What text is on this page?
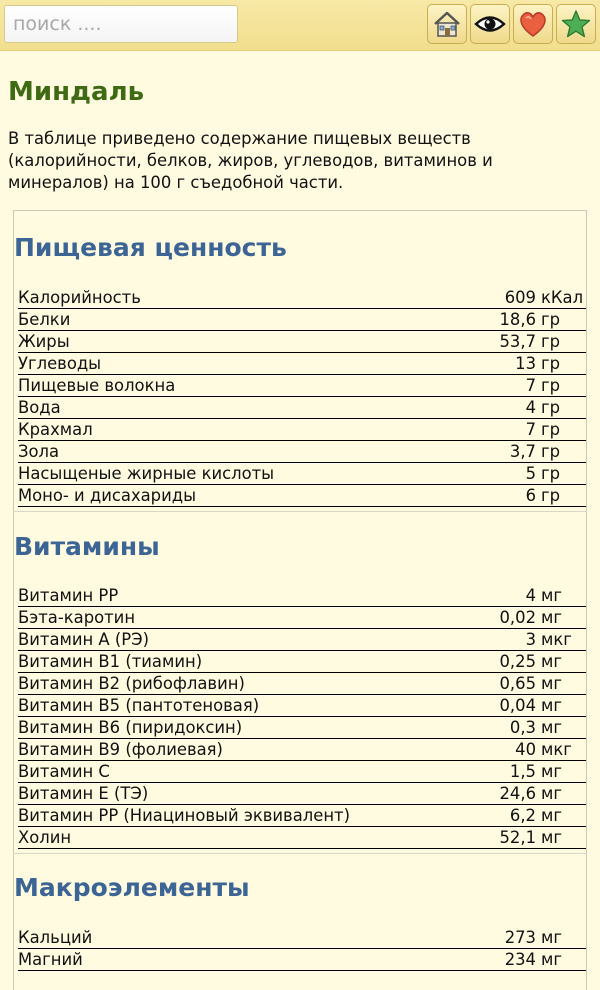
поиск ....
Миндаль

В таблице приведено содержание пищевых веществ (калорийности, белков, жиров, углеводов, витаминов и минералов) на 100 г съедобной части.

Пищевая ценность
Калорийность	609 кКал
Белки	18,6 гр
Жиры	53,7 гр
Углеводы	13 гр
Пищевые волокна	7 гр
Вода	4 гр
Крахмал	7 гр
Зола	3,7 гр
Насыщеные жирные кислоты	5 гр
Моно- и дисахариды	6 гр
Витамины
Витамин РР	4 мг
Бэта-каротин	0,02 мг
Витамин А (РЭ)	3 мкг
Витамин В1 (тиамин)	0,25 мг
Витамин В2 (рибофлавин)	0,65 мг
Витамин В5 (пантотеновая)	0,04 мг
Витамин В6 (пиридоксин)	0,3 мг
Витамин В9 (фолиевая)	40 мкг
Витамин С	1,5 мг
Витамин Е (ТЭ)	24,6 мг
Витамин РР (Ниациновый эквивалент)	6,2 мг
Холин	52,1 мг
Макроэлементы
Кальций	273 мг
Магний	234 мг
